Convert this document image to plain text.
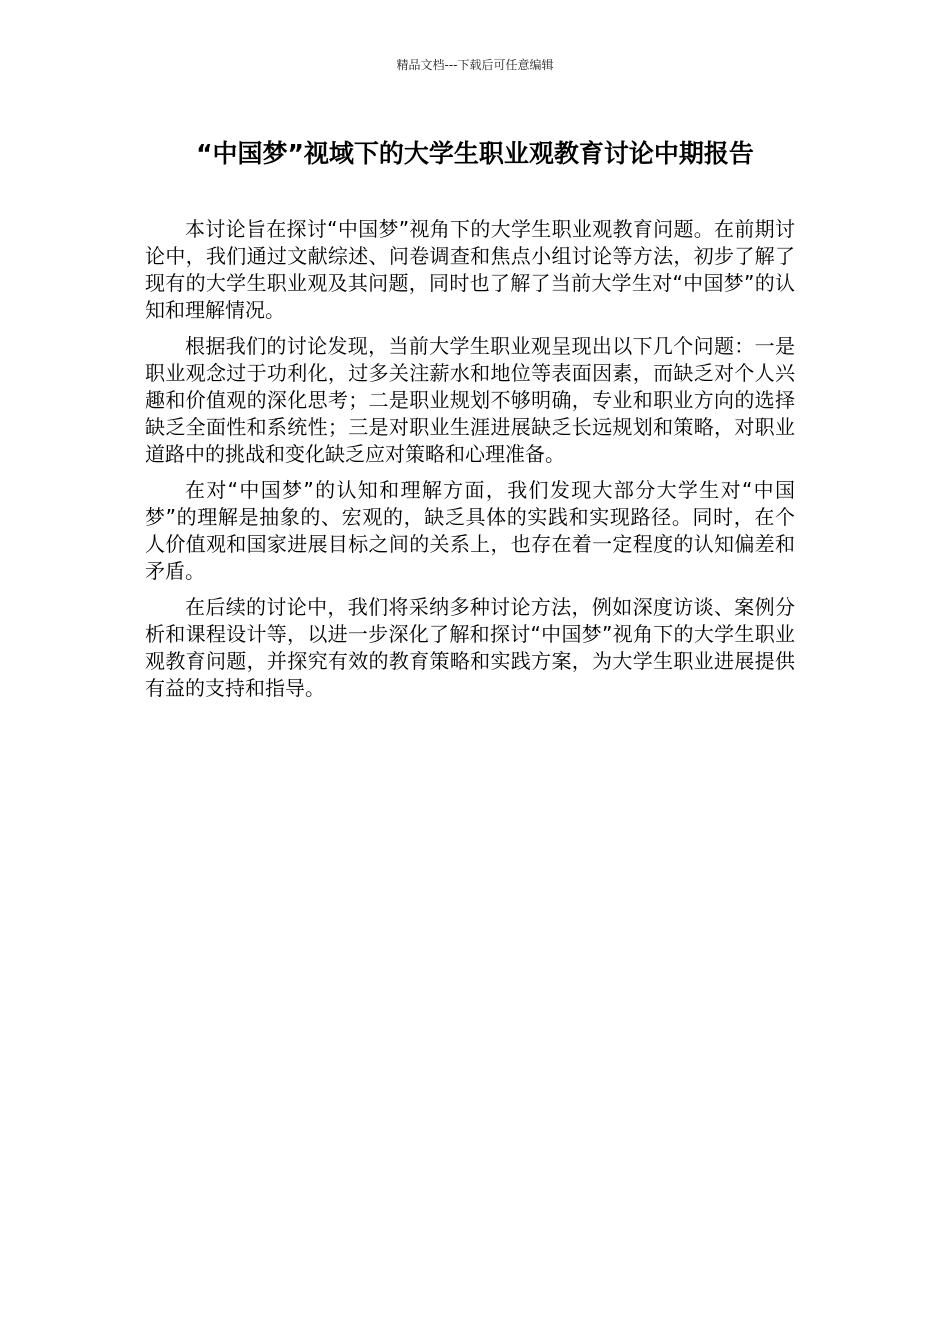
精品文档---下载后可任意编辑
“中国梦”视域下的大学生职业观教育讨论中期报告

本讨论旨在探讨“中国梦”视角下的大学生职业观教育问题。在前期讨论中，我们通过文献综述、问卷调查和焦点小组讨论等方法，初步了解了现有的大学生职业观及其问题，同时也了解了当前大学生对“中国梦”的认知和理解情况。

根据我们的讨论发现，当前大学生职业观呈现出以下几个问题：一是职业观念过于功利化，过多关注薪水和地位等表面因素，而缺乏对个人兴趣和价值观的深化思考；二是职业规划不够明确，专业和职业方向的选择缺乏全面性和系统性；三是对职业生涯进展缺乏长远规划和策略，对职业道路中的挑战和变化缺乏应对策略和心理准备。

在对“中国梦”的认知和理解方面，我们发现大部分大学生对“中国梦”的理解是抽象的、宏观的，缺乏具体的实践和实现路径。同时，在个人价值观和国家进展目标之间的关系上，也存在着一定程度的认知偏差和矛盾。

在后续的讨论中，我们将采纳多种讨论方法，例如深度访谈、案例分析和课程设计等，以进一步深化了解和探讨“中国梦”视角下的大学生职业观教育问题，并探究有效的教育策略和实践方案，为大学生职业进展提供有益的支持和指导。
